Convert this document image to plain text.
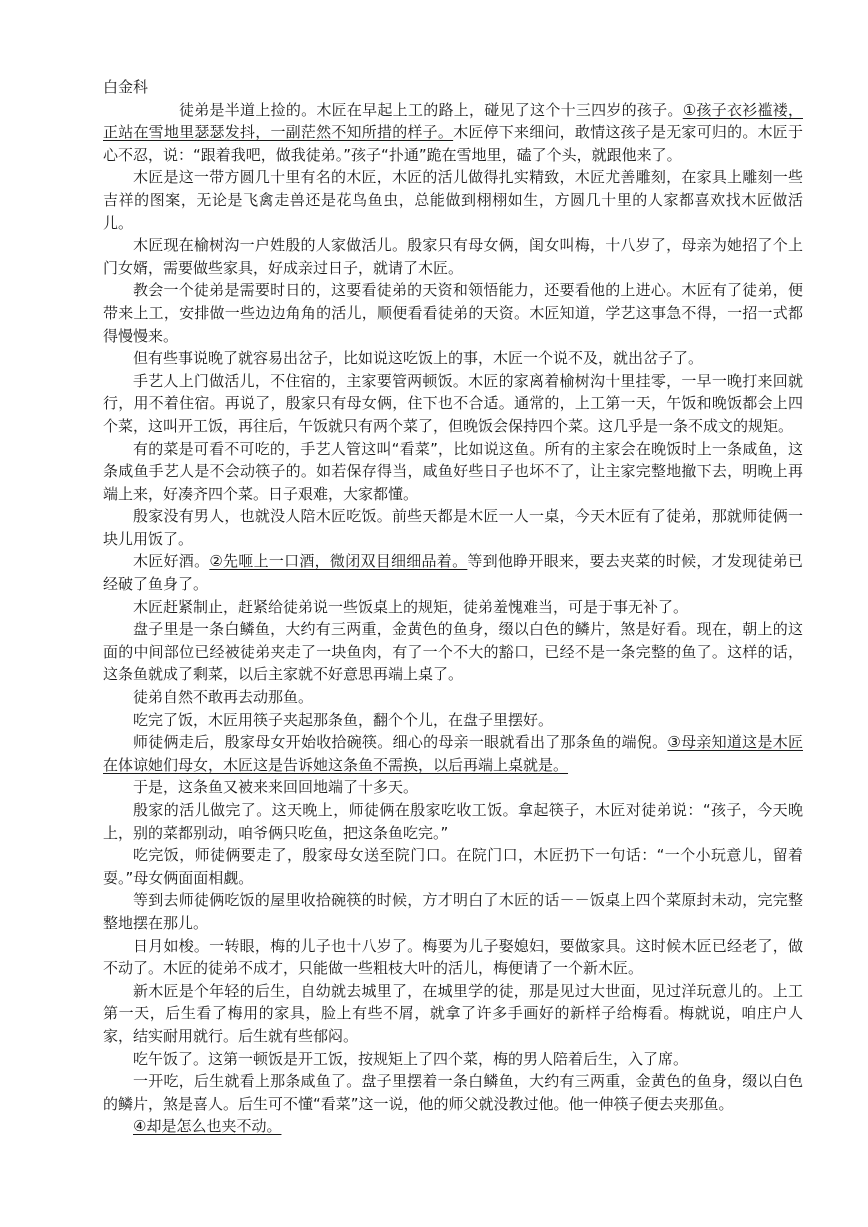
白金科

徒弟是半道上捡的。木匠在早起上工的路上，碰见了这个十三四岁的孩子。①孩子衣衫褴褛，正站在雪地里瑟瑟发抖，一副茫然不知所措的样子。木匠停下来细问，敢情这孩子是无家可归的。木匠于心不忍，说：“跟着我吧，做我徒弟。”孩子“扑通”跪在雪地里，磕了个头，就跟他来了。

木匠是这一带方圆几十里有名的木匠，木匠的活儿做得扎实精致，木匠尤善雕刻，在家具上雕刻一些吉祥的图案，无论是飞禽走兽还是花鸟鱼虫，总能做到栩栩如生，方圆几十里的人家都喜欢找木匠做活儿。

木匠现在榆树沟一户姓殷的人家做活儿。殷家只有母女俩，闺女叫梅，十八岁了，母亲为她招了个上门女婿，需要做些家具，好成亲过日子，就请了木匠。

教会一个徒弟是需要时日的，这要看徒弟的天资和领悟能力，还要看他的上进心。木匠有了徒弟，便带来上工，安排做一些边边角角的活儿，顺便看看徒弟的天资。木匠知道，学艺这事急不得，一招一式都得慢慢来。

但有些事说晚了就容易出岔子，比如说这吃饭上的事，木匠一个说不及，就出岔子了。

手艺人上门做活儿，不住宿的，主家要管两顿饭。木匠的家离着榆树沟十里挂零，一早一晚打来回就行，用不着住宿。再说了，殷家只有母女俩，住下也不合适。通常的，上工第一天，午饭和晚饭都会上四个菜，这叫开工饭，再往后，午饭就只有两个菜了，但晚饭会保持四个菜。这几乎是一条不成文的规矩。

有的菜是可看不可吃的，手艺人管这叫“看菜”，比如说这鱼。所有的主家会在晚饭时上一条咸鱼，这条咸鱼手艺人是不会动筷子的。如若保存得当，咸鱼好些日子也坏不了，让主家完整地撤下去，明晚上再端上来，好凑齐四个菜。日子艰难，大家都懂。

殷家没有男人，也就没人陪木匠吃饭。前些天都是木匠一人一桌，今天木匠有了徒弟，那就师徒俩一块儿用饭了。

木匠好酒。②先咂上一口酒，微闭双目细细品着。等到他睁开眼来，要去夹菜的时候，才发现徒弟已经破了鱼身了。

木匠赶紧制止，赶紧给徒弟说一些饭桌上的规矩，徒弟羞愧难当，可是于事无补了。

盘子里是一条白鳞鱼，大约有三两重，金黄色的鱼身，缀以白色的鳞片，煞是好看。现在，朝上的这面的中间部位已经被徒弟夹走了一块鱼肉，有了一个不大的豁口，已经不是一条完整的鱼了。这样的话，这条鱼就成了剩菜，以后主家就不好意思再端上桌了。

徒弟自然不敢再去动那鱼。

吃完了饭，木匠用筷子夹起那条鱼，翻个个儿，在盘子里摆好。

师徒俩走后，殷家母女开始收拾碗筷。细心的母亲一眼就看出了那条鱼的端倪。③母亲知道这是木匠在体谅她们母女，木匠这是告诉她这条鱼不需换，以后再端上桌就是。

于是，这条鱼又被来来回回地端了十多天。

殷家的活儿做完了。这天晚上，师徒俩在殷家吃收工饭。拿起筷子，木匠对徒弟说：“孩子，今天晚上，别的菜都别动，咱爷俩只吃鱼，把这条鱼吃完。”

吃完饭，师徒俩要走了，殷家母女送至院门口。在院门口，木匠扔下一句话：“一个小玩意儿，留着耍。”母女俩面面相觑。

等到去师徒俩吃饭的屋里收拾碗筷的时候，方才明白了木匠的话－－饭桌上四个菜原封未动，完完整整地摆在那儿。

日月如梭。一转眼，梅的儿子也十八岁了。梅要为儿子娶媳妇，要做家具。这时候木匠已经老了，做不动了。木匠的徒弟不成才，只能做一些粗枝大叶的活儿，梅便请了一个新木匠。

新木匠是个年轻的后生，自幼就去城里了，在城里学的徒，那是见过大世面，见过洋玩意儿的。上工第一天，后生看了梅用的家具，脸上有些不屑，就拿了许多手画好的新样子给梅看。梅就说，咱庄户人家，结实耐用就行。后生就有些郁闷。

吃午饭了。这第一顿饭是开工饭，按规矩上了四个菜，梅的男人陪着后生，入了席。

一开吃，后生就看上那条咸鱼了。盘子里摆着一条白鳞鱼，大约有三两重，金黄色的鱼身，缀以白色的鳞片，煞是喜人。后生可不懂“看菜”这一说，他的师父就没教过他。他一伸筷子便去夹那鱼。

④却是怎么也夹不动。
